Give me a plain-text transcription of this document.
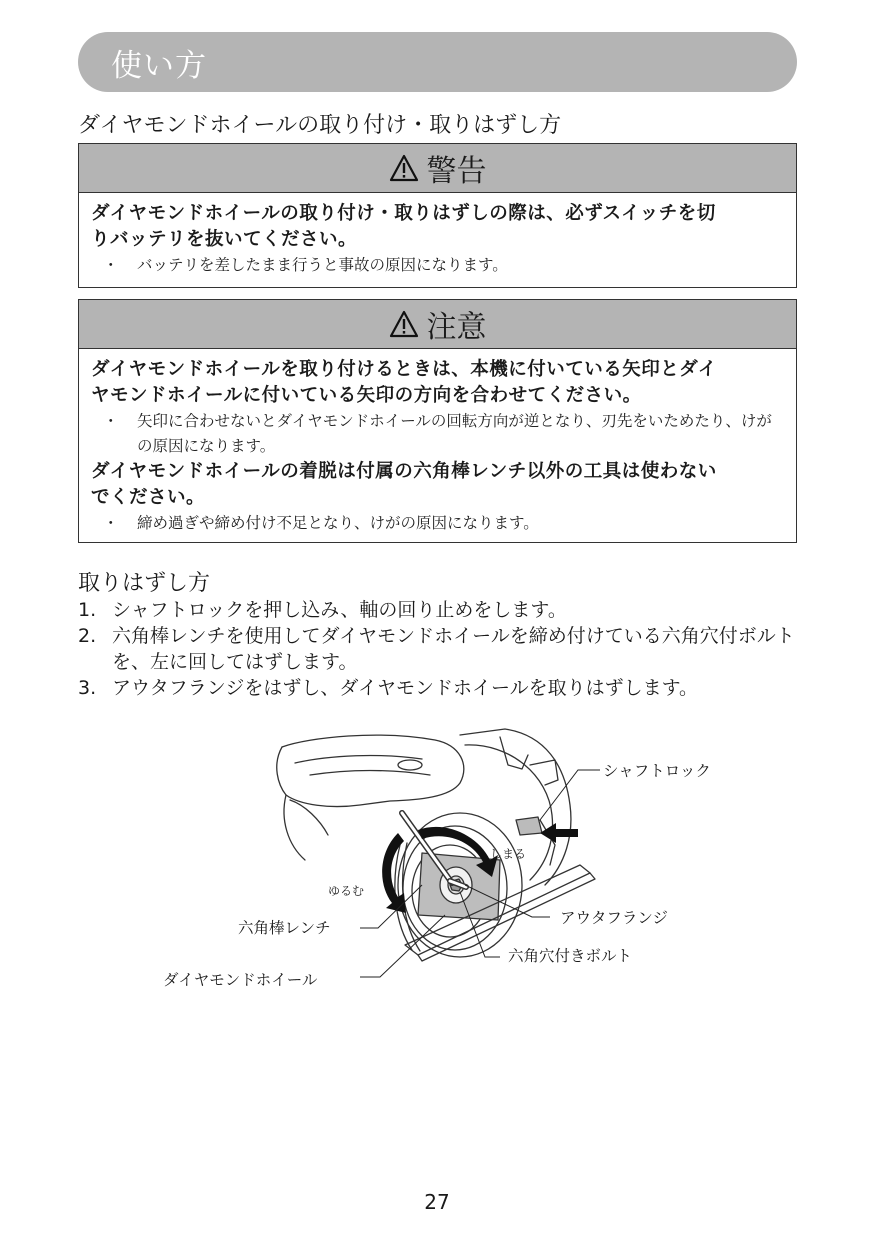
使い方
ダイヤモンドホイールの取り付け・取りはずし方
警告
ダイヤモンドホイールの取り付け・取りはずしの際は、必ずスイッチを切
りバッテリを抜いてください。
・ バッテリを差したまま行うと事故の原因になります。
注意
ダイヤモンドホイールを取り付けるときは、本機に付いている矢印とダイ
ヤモンドホイールに付いている矢印の方向を合わせてください。
・ 矢印に合わせないとダイヤモンドホイールの回転方向が逆となり、刃先をいためたり、けがの原因になります。
ダイヤモンドホイールの着脱は付属の六角棒レンチ以外の工具は使わない
でください。
・ 締め過ぎや締め付け不足となり、けがの原因になります。
取りはずし方
1. シャフトロックを押し込み、軸の回り止めをします。
2. 六角棒レンチを使用してダイヤモンドホイールを締め付けている六角穴付ボルトを、左に回してはずします。
3. アウタフランジをはずし、ダイヤモンドホイールを取りはずします。
シャフトロック
しまる
ゆるむ
アウタフランジ
六角棒レンチ
六角穴付きボルト
ダイヤモンドホイール
27
